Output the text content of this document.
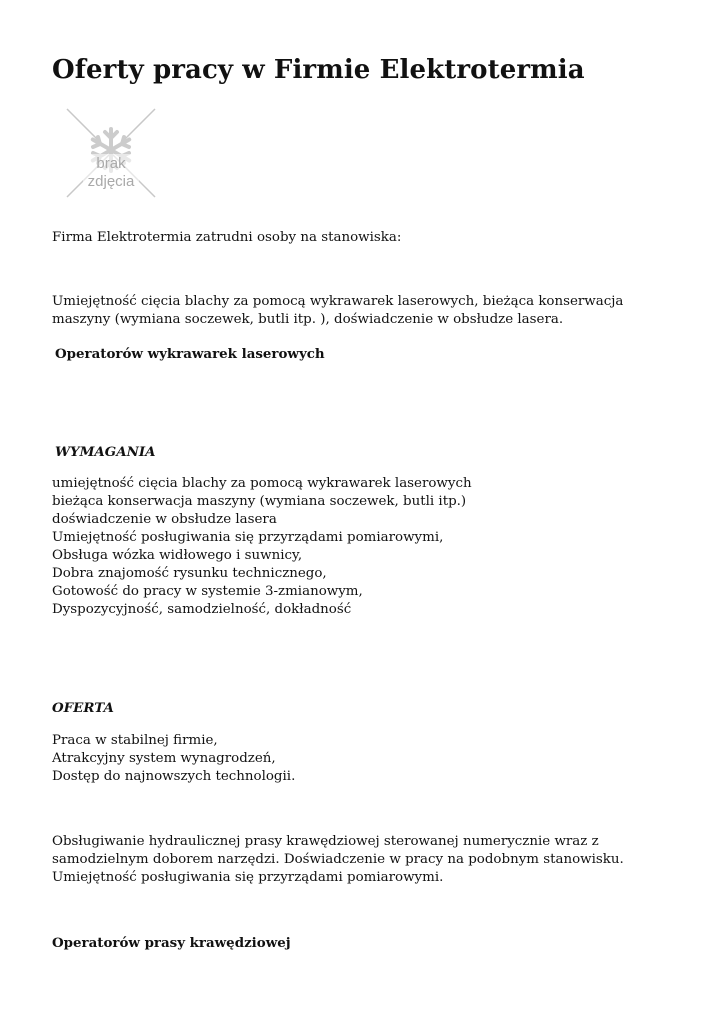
Oferty pracy w Firmie Elektrotermia
brak
zdjęcia

Firma Elektrotermia zatrudni osoby na stanowiska:

Umiejętność cięcia blachy za pomocą wykrawarek laserowych, bieżąca konserwacja maszyny (wymiana soczewek, butli itp. ), doświadczenie w obsłudze lasera.

Operatorów wykrawarek laserowych

WYMAGANIA

umiejętność cięcia blachy za pomocą wykrawarek laserowych
bieżąca konserwacja maszyny (wymiana soczewek, butli itp.)
doświadczenie w obsłudze lasera
Umiejętność posługiwania się przyrządami pomiarowymi,
Obsługa wózka widłowego i suwnicy,
Dobra znajomość rysunku technicznego,
Gotowość do pracy w systemie 3-zmianowym,
Dyspozycyjność, samodzielność, dokładność

OFERTA

Praca w stabilnej firmie,
Atrakcyjny system wynagrodzeń,
Dostęp do najnowszych technologii.

Obsługiwanie hydraulicznej prasy krawędziowej sterowanej numerycznie wraz z samodzielnym doborem narzędzi. Doświadczenie w pracy na podobnym stanowisku. Umiejętność posługiwania się przyrządami pomiarowymi.

Operatorów prasy krawędziowej
